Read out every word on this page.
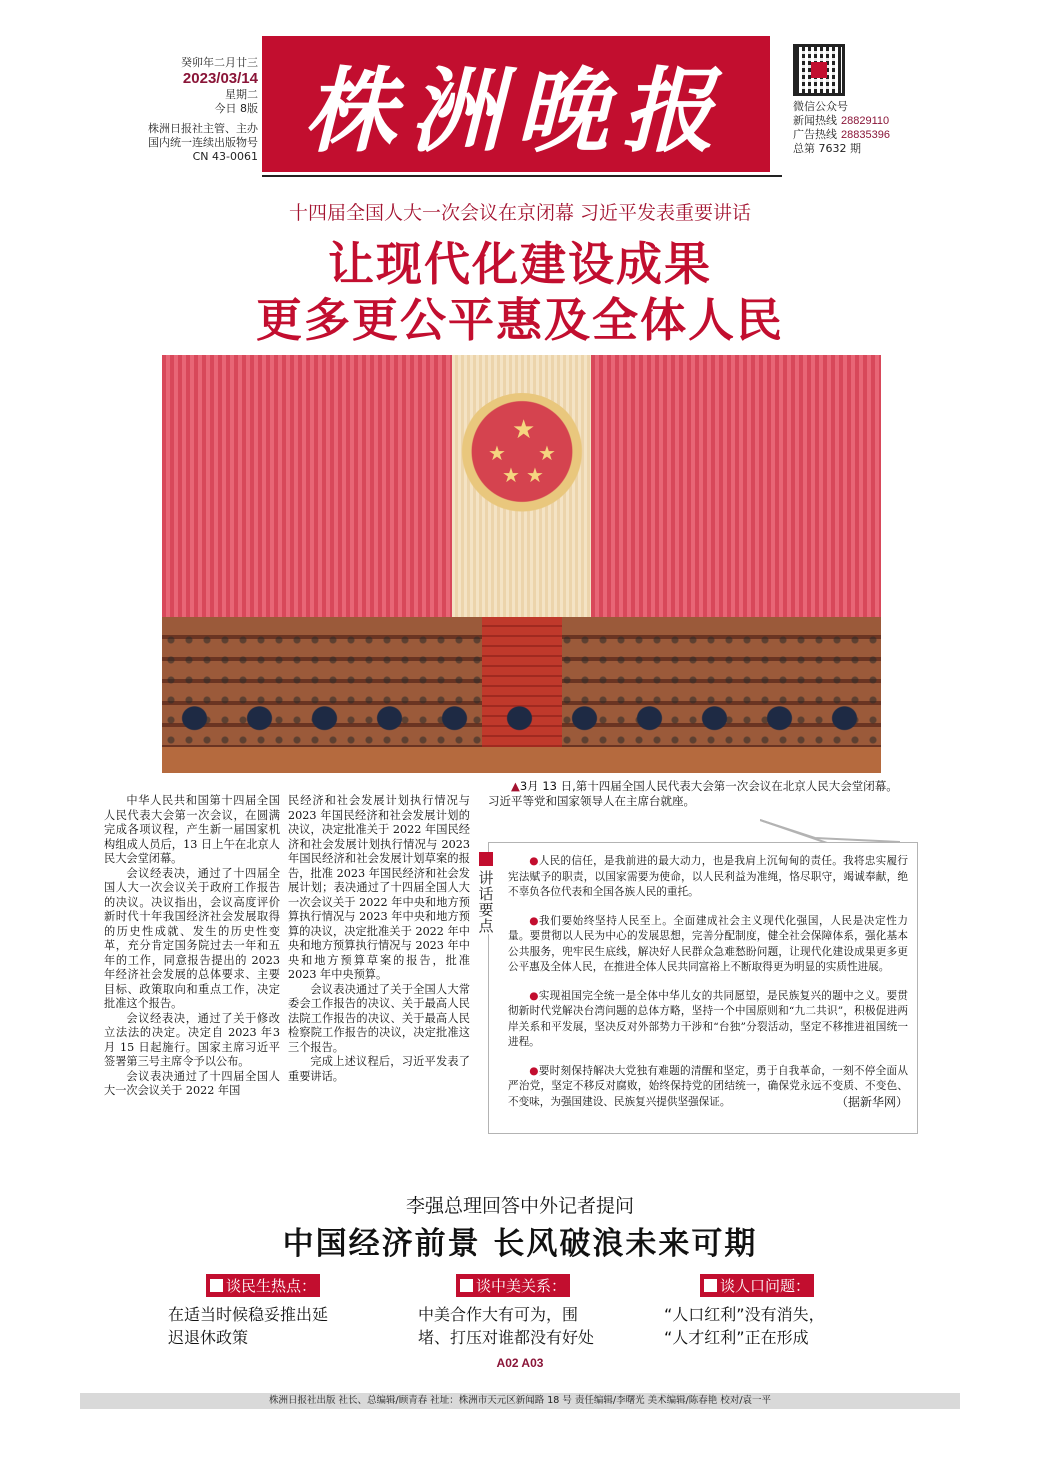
癸卯年二月廿三
2023/03/14
星期二
今日 8版
株洲日报社主管、主办
国内统一连续出版物号
CN 43-0061 株洲晚报	微信公众号
新闻热线 28829110
广告热线 28835396
总第 7632 期
十四届全国人大一次会议在京闭幕 习近平发表重要讲话
让现代化建设成果
更多更公平惠及全体人民
★
★ ★
★ ★

中华人民共和国第十四届全国人民代表大会第一次会议，在圆满完成各项议程，产生新一届国家机构组成人员后，13 日上午在北京人民大会堂闭幕。

会议经表决，通过了十四届全国人大一次会议关于政府工作报告的决议。决议指出，会议高度评价新时代十年我国经济社会发展取得的历史性成就、发生的历史性变革，充分肯定国务院过去一年和五年的工作，同意报告提出的 2023 年经济社会发展的总体要求、主要目标、政策取向和重点工作，决定批准这个报告。

会议经表决，通过了关于修改立法法的决定。决定自 2023 年3月 15 日起施行。国家主席习近平签署第三号主席令予以公布。

会议表决通过了十四届全国人大一次会议关于 2022 年国

民经济和社会发展计划执行情况与 2023 年国民经济和社会发展计划的决议，决定批准关于 2022 年国民经济和社会发展计划执行情况与 2023 年国民经济和社会发展计划草案的报告，批准 2023 年国民经济和社会发展计划；表决通过了十四届全国人大一次会议关于 2022 年中央和地方预算执行情况与 2023 年中央和地方预算的决议，决定批准关于 2022 年中央和地方预算执行情况与 2023 年中央和地方预算草案的报告，批准 2023 年中央预算。

会议表决通过了关于全国人大常委会工作报告的决议、关于最高人民法院工作报告的决议、关于最高人民检察院工作报告的决议，决定批准这三个报告。

完成上述议程后，习近平发表了重要讲话。

▲3月 13 日,第十四届全国人民代表大会第一次会议在北京人民大会堂闭幕。习近平等党和国家领导人在主席台就座。
讲话要点

●人民的信任，是我前进的最大动力，也是我肩上沉甸甸的责任。我将忠实履行宪法赋予的职责，以国家需要为使命，以人民利益为准绳，恪尽职守，竭诚奉献，绝不辜负各位代表和全国各族人民的重托。

●我们要始终坚持人民至上。全面建成社会主义现代化强国，人民是决定性力量。要贯彻以人民为中心的发展思想，完善分配制度，健全社会保障体系，强化基本公共服务，兜牢民生底线，解决好人民群众急难愁盼问题，让现代化建设成果更多更公平惠及全体人民，在推进全体人民共同富裕上不断取得更为明显的实质性进展。

●实现祖国完全统一是全体中华儿女的共同愿望，是民族复兴的题中之义。要贯彻新时代党解决台湾问题的总体方略，坚持一个中国原则和“九二共识”，积极促进两岸关系和平发展，坚决反对外部势力干涉和“台独”分裂活动，坚定不移推进祖国统一进程。

●要时刻保持解决大党独有难题的清醒和坚定，勇于自我革命，一刻不停全面从严治党，坚定不移反对腐败，始终保持党的团结统一，确保党永远不变质、不变色、不变味，为强国建设、民族复兴提供坚强保证。	（据新华网）

李强总理回答中外记者提问
中国经济前景 长风破浪未来可期
谈民生热点：
在适当时候稳妥推出延
迟退休政策
谈中美关系：
中美合作大有可为，围
堵、打压对谁都没有好处
谈人口问题：
“人口红利”没有消失，
“人才红利”正在形成
A02 A03
株洲日报社出版 社长、总编辑/顾青春 社址：株洲市天元区新闻路 18 号 责任编辑/李曙光 美术编辑/陈春艳 校对/袁一平
